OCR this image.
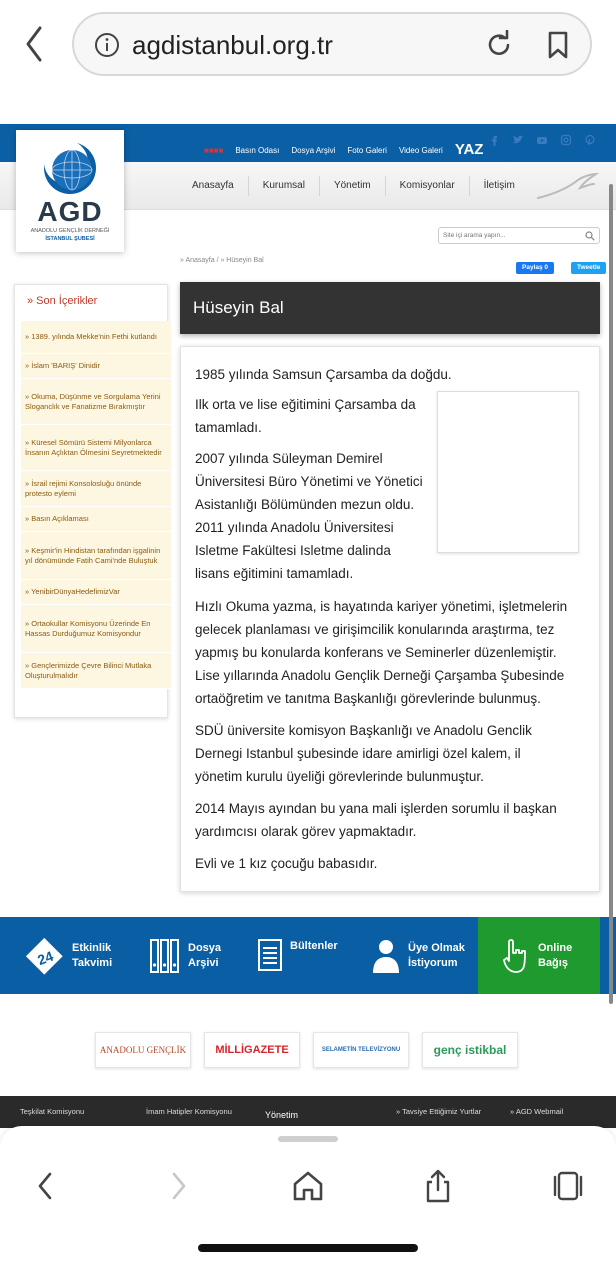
agdistanbul.org.tr
AGD
ANADOLU GENÇLİK DERNEĞİ
İSTANBUL ŞUBESİ
■■■■ Basın Odası Dosya Arşivi Foto Galeri Video Galeri YAZ
Anasayfa	Kurumsal	Yönetim	Komisyonlar	İletişim
Site içi arama yapın...
» Anasayfa / » Hüseyin Bal
Paylaş 0	Tweetle
» Son İçerikler
» 1389. yılında Mekke'nin Fethi kutlandı
» İslam 'BARIŞ' Dinidir
» Okuma, Düşünme ve Sorgulama Yerini Sloganclık ve Fanatizme Bırakmıştır
» Küresel Sömürü Sistemi Milyonlarca İnsanın Açlıktan Ölmesini Seyretmektedir
» İsrail rejimi Konsolosluğu önünde protesto eylemi
» Basın Açıklaması
» Keşmir'in Hindistan tarafından işgalinin yıl dönümünde Fatih Cami'nde Buluştuk
» YenibirDünyaHedefimizVar
» Ortaokullar Komisyonu Üzerinde En Hassas Durduğumuz Komisyondur
» Gençlerimizde Çevre Bilinci Mutlaka Oluşturulmalıdır
Hüseyin Bal
1985 yılında Samsun Çarsamba da doğdu.
Ilk orta ve lise eğitimini Çarsamba da
tamamladı.
2007 yılında Süleyman Demirel
Üniversitesi Büro Yönetimi ve Yönetici
Asistanlığı Bölümünden mezun oldu.
2011 yılında Anadolu Üniversitesi
Isletme Fakültesi Isletme dalinda
lisans eğitimini tamamladı.
Hızlı Okuma yazma, is hayatında kariyer yönetimi, işletmelerin
gelecek planlaması ve girişimcilik konularında araştırma, tez
yapmış bu konularda konferans ve Seminerler düzenlemiştir.
Lise yıllarında Anadolu Gençlik Derneği Çarşamba Şubesinde
ortaöğretim ve tanıtma Başkanlığı görevlerinde bulunmuş.
SDÜ üniversite komisyon Başkanlığı ve Anadolu Genclik
Dernegi Istanbul şubesinde idare amirligi özel kalem, il
yönetim kurulu üyeliği görevlerinde bulunmuştur.
2014 Mayıs ayından bu yana mali işlerden sorumlu il başkan
yardımcısı olarak görev yapmaktadır.
Evli ve 1 kız çocuğu babasıdır.
24 Etkinlik
Takvimi
Dosya
Arşivi
Bültenler	Üye Olmak
İstiyorum
Online
Bağış
ANADOLU GENÇLİK	MİLLİGAZETE	SELAMETİN TELEVİZYONU	genç istikbal
Teşkilat Komisyonu	İmam Hatipler Komisyonu	Yönetim	» Tavsiye Ettiğimiz Yurtlar	» AGD Webmail
